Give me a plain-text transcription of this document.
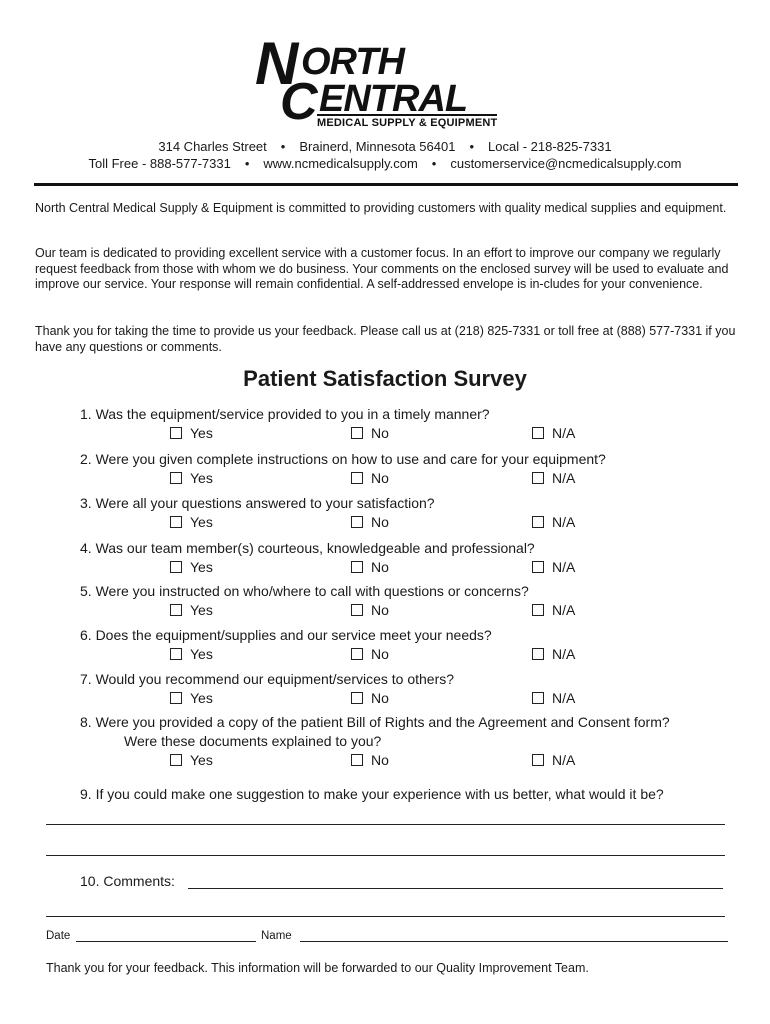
N ORTH
C ENTRAL
MEDICAL SUPPLY & EQUIPMENT
314 Charles Street • Brainerd, Minnesota 56401 • Local - 218-825-7331
Toll Free - 888-577-7331 • www.ncmedicalsupply.com • customerservice@ncmedicalsupply.com
North Central Medical Supply & Equipment is committed to providing customers with quality medical supplies and equipment.
Our team is dedicated to providing excellent service with a customer focus. In an effort to improve our company we regularly request feedback from those with whom we do business. Your comments on the enclosed survey will be used to evaluate and improve our service. Your response will remain confidential. A self-addressed envelope is in-cludes for your convenience.
Thank you for taking the time to provide us your feedback. Please call us at (218) 825-7331 or toll free at (888) 577-7331 if you have any questions or comments.
Patient Satisfaction Survey
1. Was the equipment/service provided to you in a timely manner?
Yes	No	N/A
2. Were you given complete instructions on how to use and care for your equipment?
Yes	No	N/A
3. Were all your questions answered to your satisfaction?
Yes	No	N/A
4. Was our team member(s) courteous, knowledgeable and professional?
Yes	No	N/A
5. Were you instructed on who/where to call with questions or concerns?
Yes	No	N/A
6. Does the equipment/supplies and our service meet your needs?
Yes	No	N/A
7. Would you recommend our equipment/services to others?
Yes	No	N/A
8. Were you provided a copy of the patient Bill of Rights and the Agreement and Consent form?
Were these documents explained to you?
Yes	No	N/A
9. If you could make one suggestion to make your experience with us better, what would it be?
10. Comments:
Date	Name
Thank you for your feedback. This information will be forwarded to our Quality Improvement Team.
